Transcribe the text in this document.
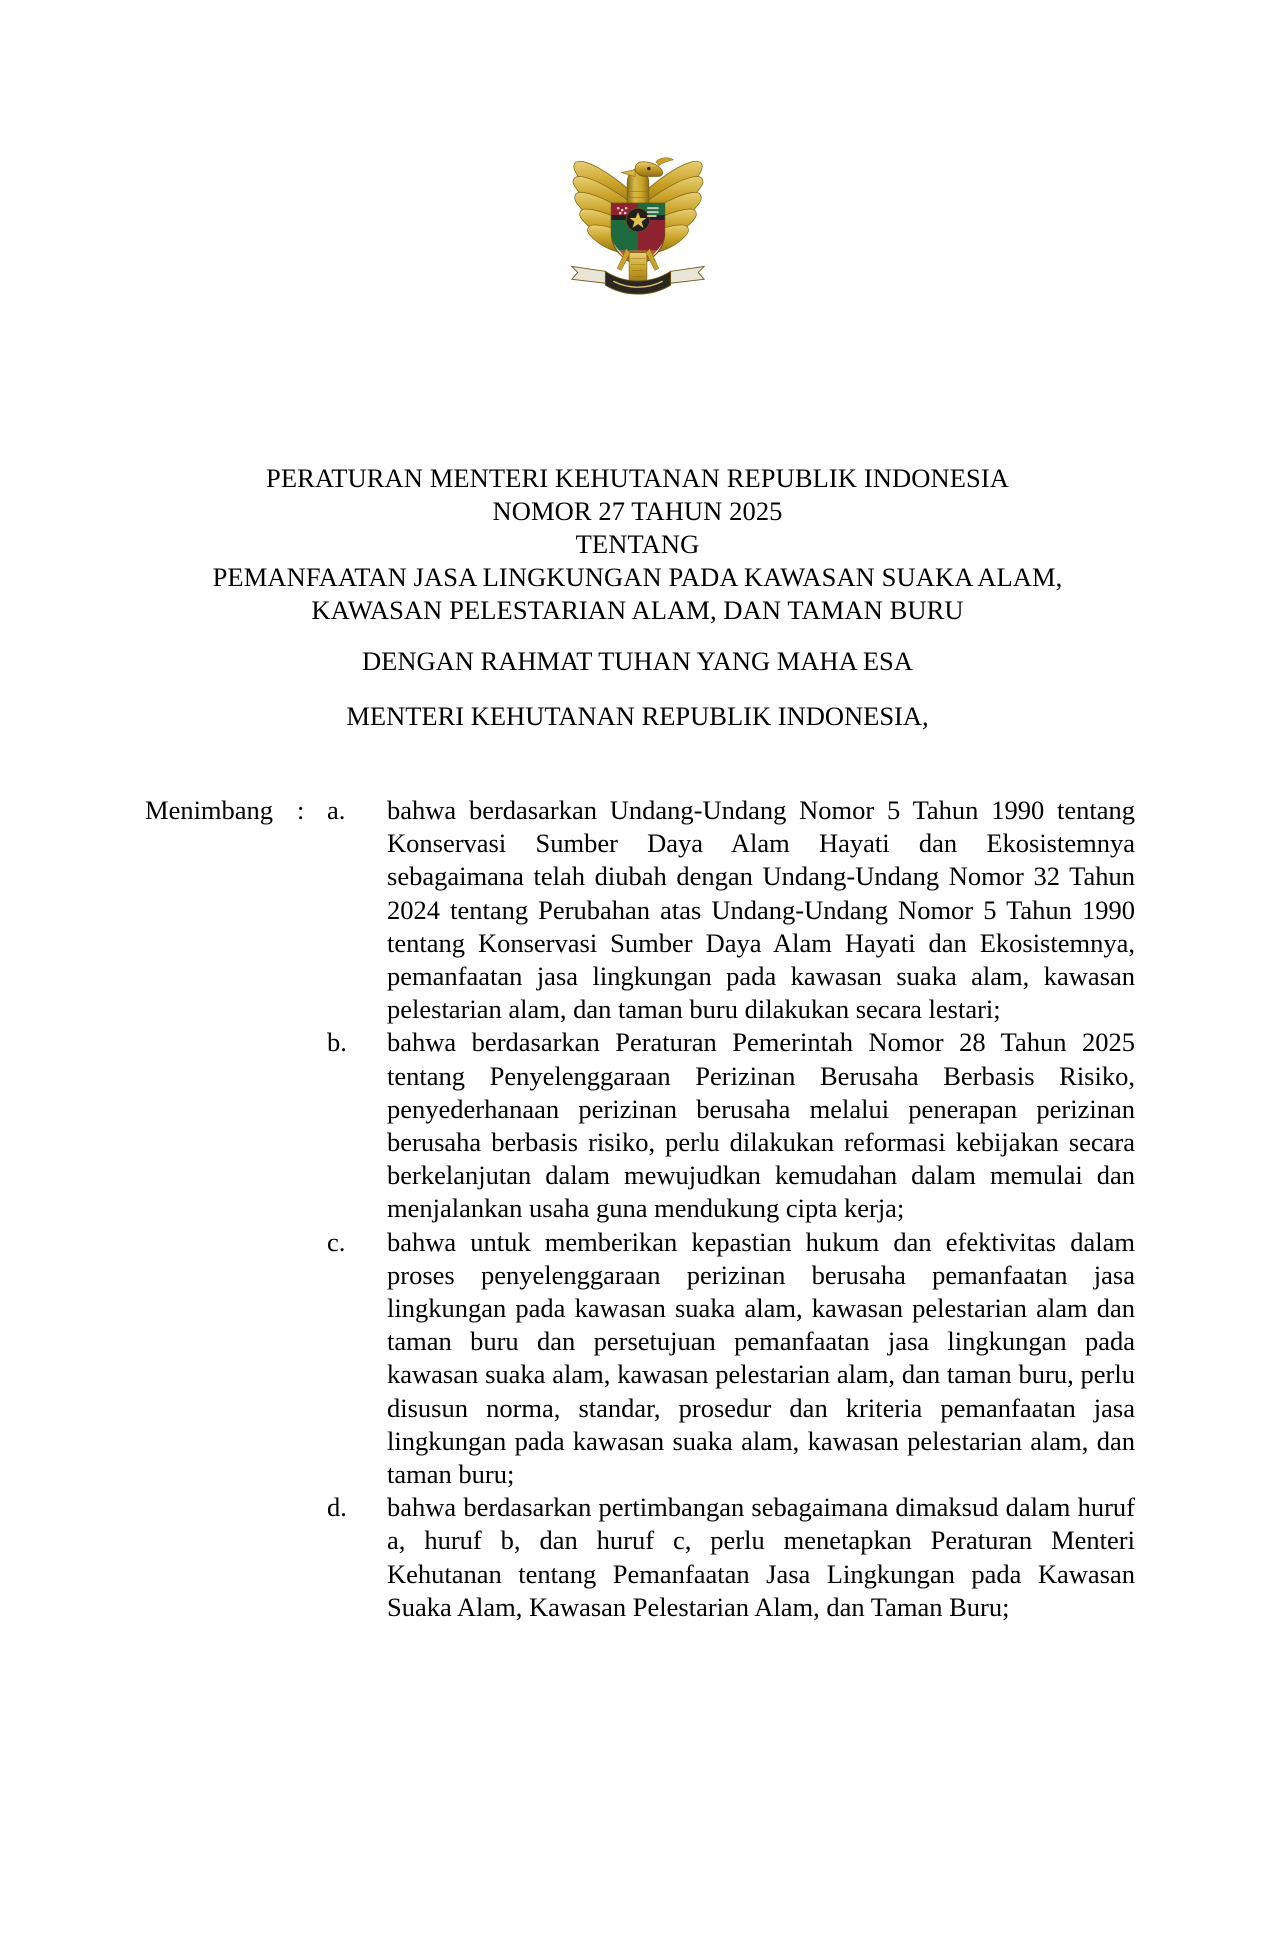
PERATURAN MENTERI KEHUTANAN REPUBLIK INDONESIA
NOMOR 27 TAHUN 2025
TENTANG
PEMANFAATAN JASA LINGKUNGAN PADA KAWASAN SUAKA ALAM,
KAWASAN PELESTARIAN ALAM, DAN TAMAN BURU
DENGAN RAHMAT TUHAN YANG MAHA ESA
MENTERI KEHUTANAN REPUBLIK INDONESIA,
Menimbang : a.	bahwa berdasarkan Undang-Undang Nomor 5 Tahun 1990 tentang Konservasi Sumber Daya Alam Hayati dan Ekosistemnya sebagaimana telah diubah dengan Undang-Undang Nomor 32 Tahun 2024 tentang Perubahan atas Undang-Undang Nomor 5 Tahun 1990 tentang Konservasi Sumber Daya Alam Hayati dan Ekosistemnya, pemanfaatan jasa lingkungan pada kawasan suaka alam, kawasan pelestarian alam, dan taman buru dilakukan secara lestari;
b.	bahwa berdasarkan Peraturan Pemerintah Nomor 28 Tahun 2025 tentang Penyelenggaraan Perizinan Berusaha Berbasis Risiko, penyederhanaan perizinan berusaha melalui penerapan perizinan berusaha berbasis risiko, perlu dilakukan reformasi kebijakan secara berkelanjutan dalam mewujudkan kemudahan dalam memulai dan menjalankan usaha guna mendukung cipta kerja;
c.	bahwa untuk memberikan kepastian hukum dan efektivitas dalam proses penyelenggaraan perizinan berusaha pemanfaatan jasa lingkungan pada kawasan suaka alam, kawasan pelestarian alam dan taman buru dan persetujuan pemanfaatan jasa lingkungan pada kawasan suaka alam, kawasan pelestarian alam, dan taman buru, perlu disusun norma, standar, prosedur dan kriteria pemanfaatan jasa lingkungan pada kawasan suaka alam, kawasan pelestarian alam, dan taman buru;
d.	bahwa berdasarkan pertimbangan sebagaimana dimaksud dalam huruf a, huruf b, dan huruf c, perlu menetapkan Peraturan Menteri Kehutanan tentang Pemanfaatan Jasa Lingkungan pada Kawasan Suaka Alam, Kawasan Pelestarian Alam, dan Taman Buru;
